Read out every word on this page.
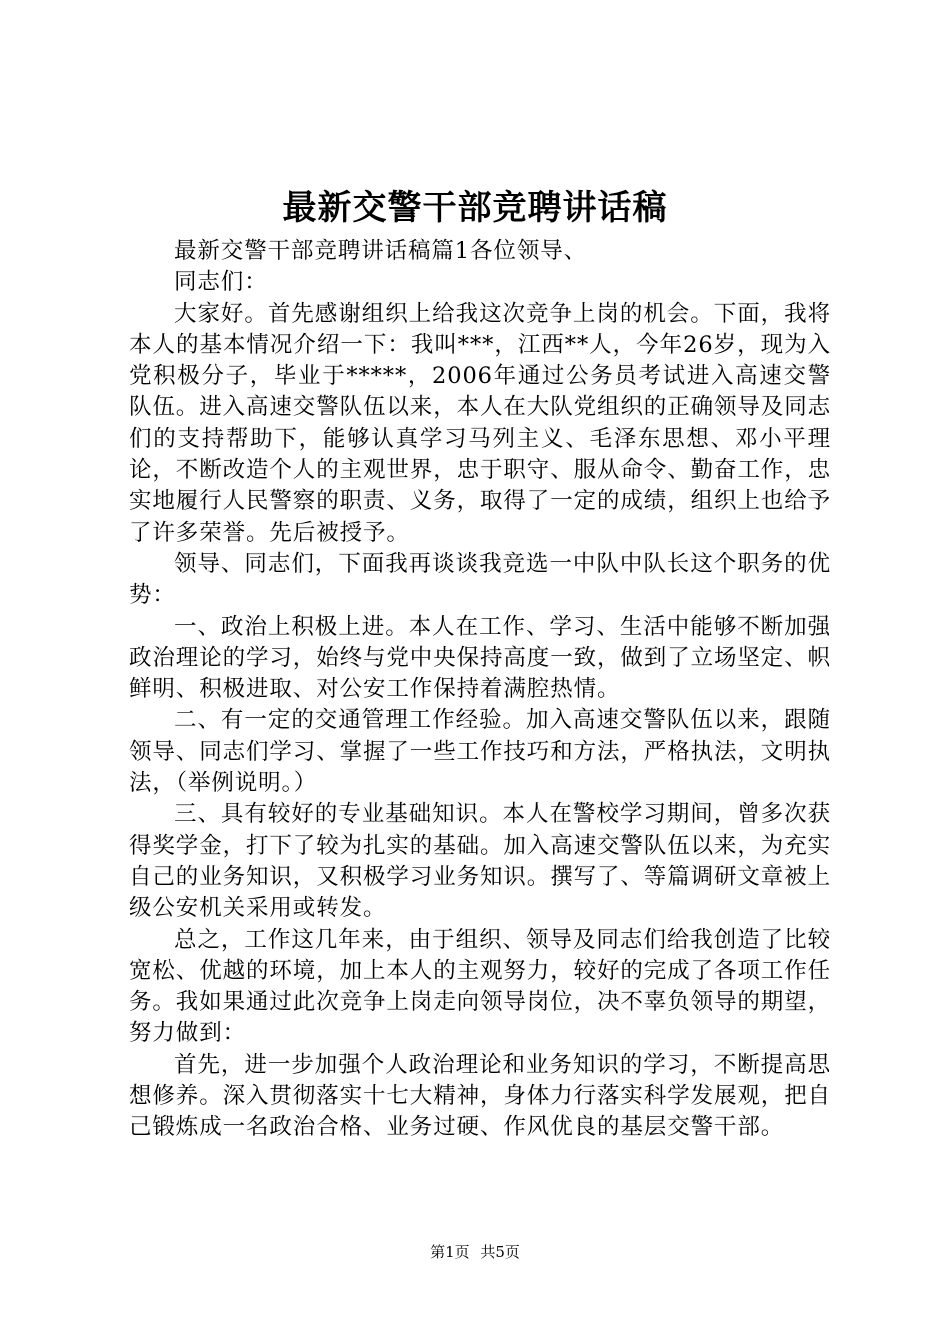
最新交警干部竞聘讲话稿

最新交警干部竞聘讲话稿篇1各位领导、

同志们：

大家好。首先感谢组织上给我这次竞争上岗的机会。下面，我将本人的基本情况介绍一下：我叫***，江西**人，今年26岁，现为入党积极分子，毕业于*****，2006年通过公务员考试进入高速交警队伍。进入高速交警队伍以来，本人在大队党组织的正确领导及同志们的支持帮助下，能够认真学习马列主义、毛泽东思想、邓小平理论，不断改造个人的主观世界，忠于职守、服从命令、勤奋工作，忠实地履行人民警察的职责、义务，取得了一定的成绩，组织上也给予了许多荣誉。先后被授予。

领导、同志们，下面我再谈谈我竞选一中队中队长这个职务的优势：

一、政治上积极上进。本人在工作、学习、生活中能够不断加强政治理论的学习，始终与党中央保持高度一致，做到了立场坚定、帜鲜明、积极进取、对公安工作保持着满腔热情。

二、有一定的交通管理工作经验。加入高速交警队伍以来，跟随领导、同志们学习、掌握了一些工作技巧和方法，严格执法，文明执法，（举例说明。）

三、具有较好的专业基础知识。本人在警校学习期间，曾多次获得奖学金，打下了较为扎实的基础。加入高速交警队伍以来，为充实自己的业务知识，又积极学习业务知识。撰写了、等篇调研文章被上级公安机关采用或转发。

总之，工作这几年来，由于组织、领导及同志们给我创造了比较宽松、优越的环境，加上本人的主观努力，较好的完成了各项工作任务。我如果通过此次竞争上岗走向领导岗位，决不辜负领导的期望，努力做到：

首先，进一步加强个人政治理论和业务知识的学习，不断提高思想修养。深入贯彻落实十七大精神，身体力行落实科学发展观，把自己锻炼成一名政治合格、业务过硬、作风优良的基层交警干部。

第1页 共5页
